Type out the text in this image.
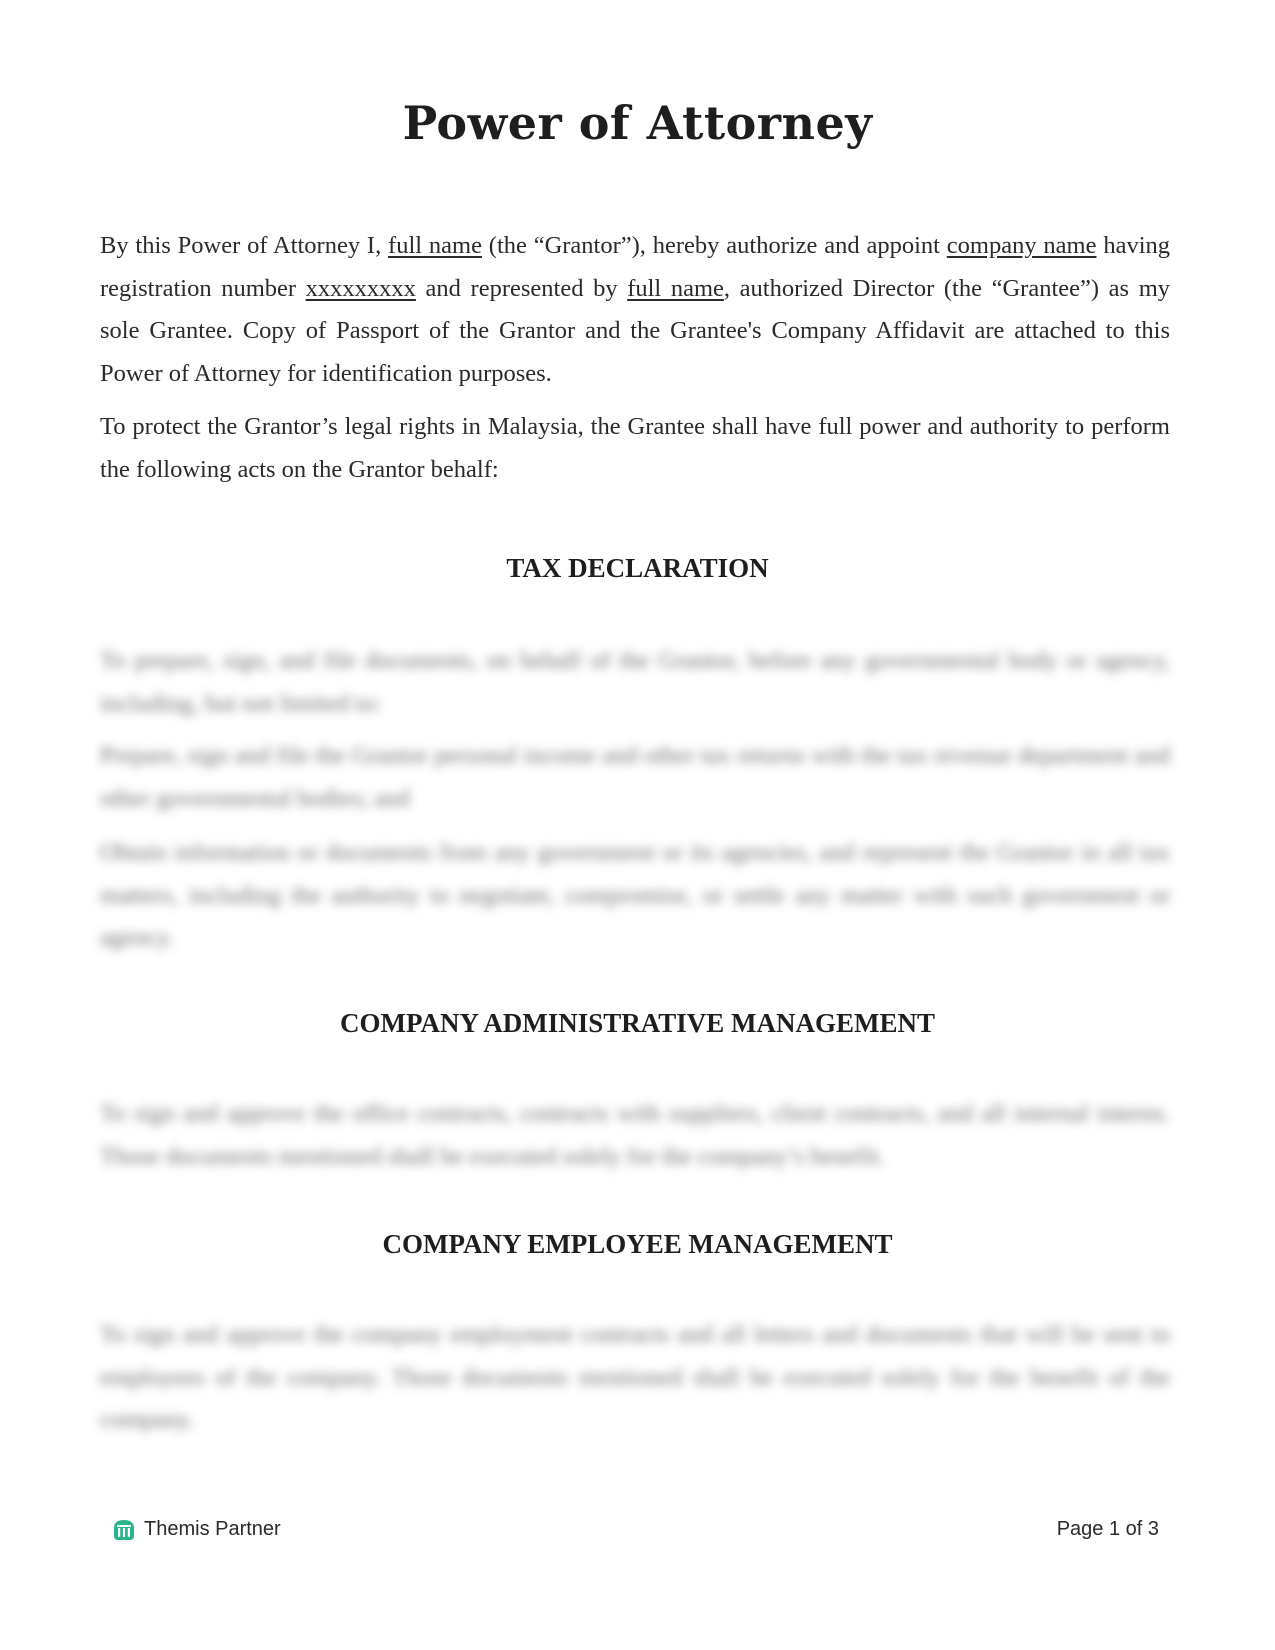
Power of Attorney

By this Power of Attorney I, full name (the “Grantor”), hereby authorize and appoint company name having registration number xxxxxxxxx and represented by full name, authorized Director (the “Grantee”) as my sole Grantee. Copy of Passport of the Grantor and the Grantee's Company Affidavit are attached to this Power of Attorney for identification purposes.

To protect the Grantor’s legal rights in Malaysia, the Grantee shall have full power and authority to perform the following acts on the Grantor behalf:

TAX DECLARATION

To prepare, sign, and file documents, on behalf of the Grantor, before any governmental body or agency, including, but not limited to:

Prepare, sign and file the Grantor personal income and other tax returns with the tax revenue department and other governmental bodies; and

Obtain information or documents from any government or its agencies, and represent the Grantor in all tax matters, including the authority to negotiate, compromise, or settle any matter with such government or agency.

COMPANY ADMINISTRATIVE MANAGEMENT

To sign and approve the office contracts, contracts with suppliers, client contracts, and all internal interns. Those documents mentioned shall be executed solely for the company’s benefit.

COMPANY EMPLOYEE MANAGEMENT

To sign and approve the company employment contracts and all letters and documents that will be sent to employees of the company. Those documents mentioned shall be executed solely for the benefit of the company.

Themis Partner	Page 1 of 3
